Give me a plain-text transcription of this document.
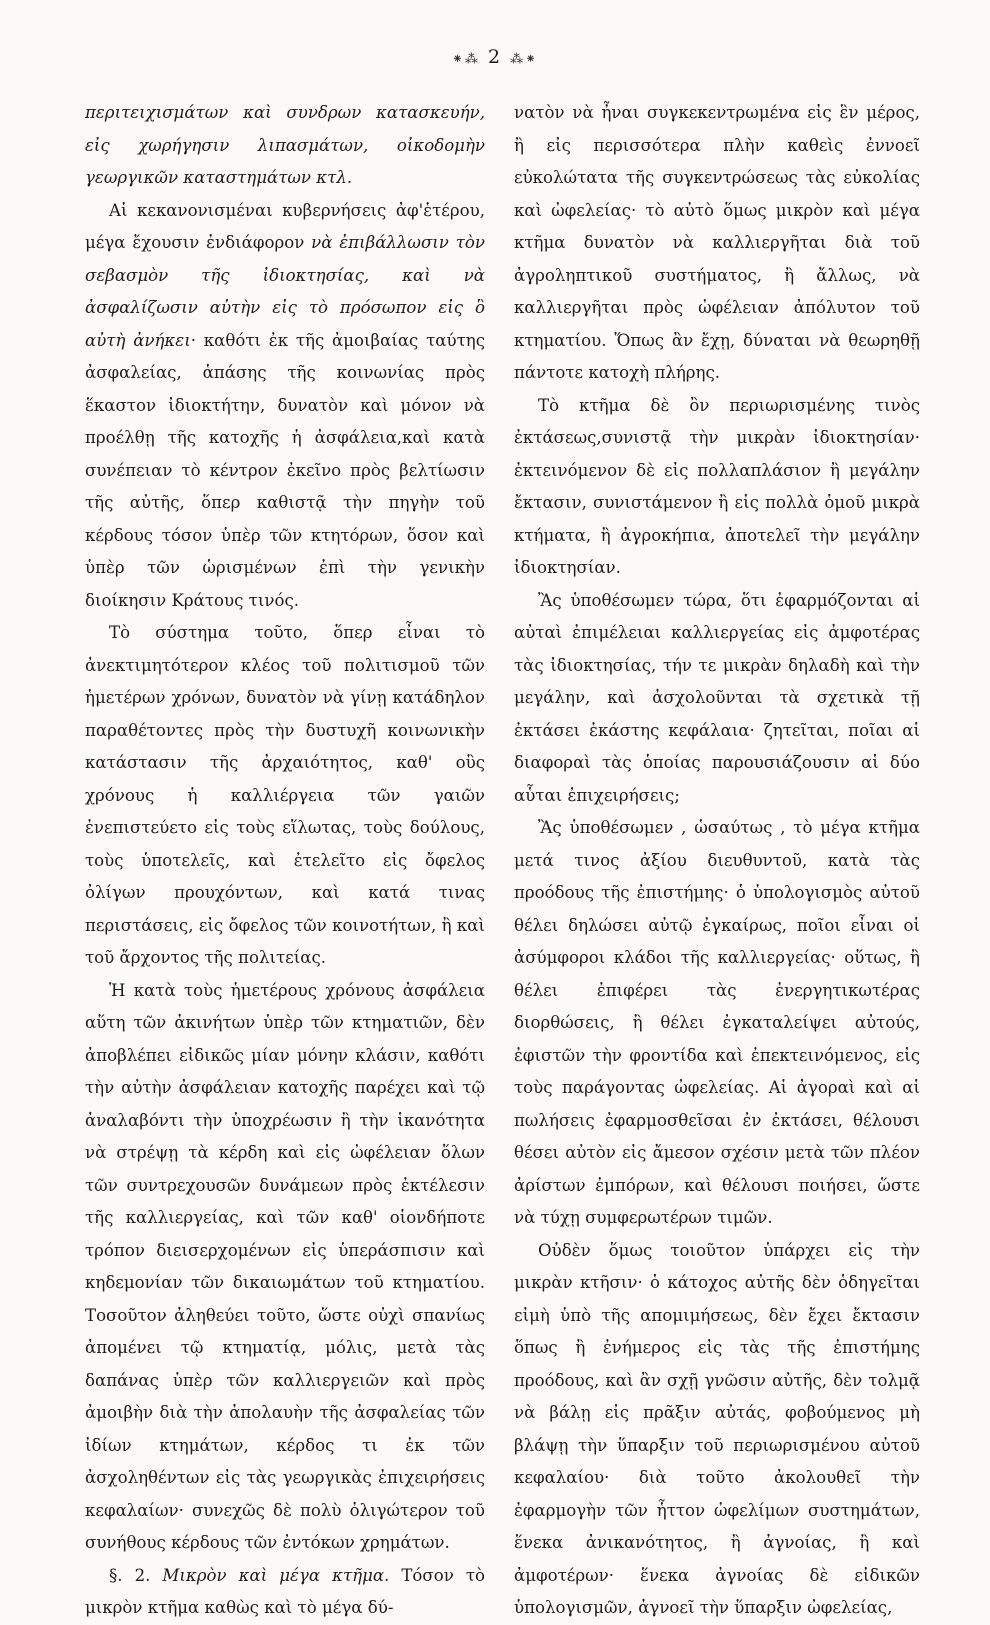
⁕⁂ 2 ⁂⁕

περιτειχισμάτων καὶ συνδρων κατασκευήν, εἰς χωρήγησιν λιπασμάτων, οἰκοδομὴν γεωργικῶν καταστημάτων κτλ.

Αἱ κεκανονισμέναι κυβερνήσεις ἀφ'ἑτέρου, μέγα ἔχουσιν ἐνδιάφορον νὰ ἐπιβάλλωσιν τὸν σεβασμὸν τῆς ἰδιοκτησίας, καὶ νὰ ἀσφαλίζωσιν αὐτὴν εἰς τὸ πρόσωπον εἰς ὃ αὐτὴ ἀνήκει· καθότι ἐκ τῆς ἀμοιβαίας ταύτης ἀσφαλείας, ἁπάσης τῆς κοινωνίας πρὸς ἕκαστον ἰδιοκτήτην, δυνατὸν καὶ μόνον νὰ προέλθῃ τῆς κατοχῆς ἡ ἀσφάλεια,καὶ κατὰ συνέπειαν τὸ κέντρον ἐκεῖνο πρὸς βελτίωσιν τῆς αὐτῆς, ὅπερ καθιστᾷ τὴν πηγὴν τοῦ κέρδους τόσον ὑπὲρ τῶν κτητόρων, ὅσον καὶ ὑπὲρ τῶν ὡρισμένων ἐπὶ τὴν γενικὴν διοίκησιν Κράτους τινός.

Τὸ σύστημα τοῦτο, ὅπερ εἶναι τὸ ἀνεκτιμητότερον κλέος τοῦ πολιτισμοῦ τῶν ἡμετέρων χρόνων, δυνατὸν νὰ γίνῃ κατάδηλον παραθέτοντες πρὸς τὴν δυστυχῆ κοινωνικὴν κατάστασιν τῆς ἀρχαιότητος, καθ' οὓς χρόνους ἡ καλλιέργεια τῶν γαιῶν ἐνεπιστεύετο εἰς τοὺς εἵλωτας, τοὺς δούλους, τοὺς ὑποτελεῖς, καὶ ἐτελεῖτο εἰς ὄφελος ὀλίγων προυχόντων, καὶ κατά τινας περιστάσεις, εἰς ὄφελος τῶν κοινοτήτων, ἢ καὶ τοῦ ἄρχοντος τῆς πολιτείας.

Ἡ κατὰ τοὺς ἡμετέρους χρόνους ἀσφάλεια αὕτη τῶν ἀκινήτων ὑπὲρ τῶν κτηματιῶν, δὲν ἀποβλέπει εἰδικῶς μίαν μόνην κλάσιν, καθότι τὴν αὐτὴν ἀσφάλειαν κατοχῆς παρέχει καὶ τῷ ἀναλαβόντι τὴν ὑποχρέωσιν ἢ τὴν ἱκανότητα νὰ στρέψῃ τὰ κέρδη καὶ εἰς ὠφέλειαν ὅλων τῶν συντρεχουσῶν δυνάμεων πρὸς ἐκτέλεσιν τῆς καλλιεργείας, καὶ τῶν καθ' οἱονδήποτε τρόπον διεισερχομένων εἰς ὑπεράσπισιν καὶ κηδεμονίαν τῶν δικαιωμάτων τοῦ κτηματίου. Τοσοῦτον ἀληθεύει τοῦτο, ὥστε οὐχὶ σπανίως ἀπομένει τῷ κτηματίᾳ, μόλις, μετὰ τὰς δαπάνας ὑπὲρ τῶν καλλιεργειῶν καὶ πρὸς ἀμοιβὴν διὰ τὴν ἀπολαυὴν τῆς ἀσφαλείας τῶν ἰδίων κτημάτων, κέρδος τι ἐκ τῶν ἀσχοληθέντων εἰς τὰς γεωργικὰς ἐπιχειρήσεις κεφαλαίων· συνεχῶς δὲ πολὺ ὀλιγώτερον τοῦ συνήθους κέρδους τῶν ἐντόκων χρημάτων.

§. 2. Μικρὸν καὶ μέγα κτῆμα. Τόσον τὸ μικρὸν κτῆμα καθὼς καὶ τὸ μέγα δύ-

νατὸν νὰ ἦναι συγκεκεντρωμένα εἰς ἓν μέρος, ἢ εἰς περισσότερα πλὴν καθεὶς ἐννοεῖ εὐκολώτατα τῆς συγκεντρώσεως τὰς εὐκολίας καὶ ὠφελείας· τὸ αὐτὸ ὅμως μικρὸν καὶ μέγα κτῆμα δυνατὸν νὰ καλλιεργῆται διὰ τοῦ ἀγροληπτικοῦ συστήματος, ἢ ἄλλως, νὰ καλλιεργῆται πρὸς ὠφέλειαν ἀπόλυτον τοῦ κτηματίου. Ὅπως ἂν ἔχῃ, δύναται νὰ θεωρηθῇ πάντοτε κατοχὴ πλήρης.

Τὸ κτῆμα δὲ ὂν περιωρισμένης τινὸς ἐκτάσεως,συνιστᾷ τὴν μικρὰν ἰδιοκτησίαν· ἐκτεινόμενον δὲ εἰς πολλαπλάσιον ἢ μεγάλην ἔκτασιν, συνιστάμενον ἢ εἰς πολλὰ ὁμοῦ μικρὰ κτήματα, ἢ ἀγροκήπια, ἀποτελεῖ τὴν μεγάλην ἰδιοκτησίαν.

Ἂς ὑποθέσωμεν τώρα, ὅτι ἐφαρμόζονται αἱ αὐταὶ ἐπιμέλειαι καλλιεργείας εἰς ἀμφοτέρας τὰς ἰδιοκτησίας, τήν τε μικρὰν δηλαδὴ καὶ τὴν μεγάλην, καὶ ἀσχολοῦνται τὰ σχετικὰ τῇ ἐκτάσει ἑκάστης κεφάλαια· ζητεῖται, ποῖαι αἱ διαφοραὶ τὰς ὁποίας παρουσιάζουσιν αἱ δύο αὗται ἐπιχειρήσεις;

Ἂς ὑποθέσωμεν , ὡσαύτως , τὸ μέγα κτῆμα μετά τινος ἀξίου διευθυντοῦ, κατὰ τὰς προόδους τῆς ἐπιστήμης· ὁ ὑπολογισμὸς αὐτοῦ θέλει δηλώσει αὐτῷ ἐγκαίρως, ποῖοι εἶναι οἱ ἀσύμφοροι κλάδοι τῆς καλλιεργείας· οὕτως, ἢ θέλει ἐπιφέρει τὰς ἐνεργητικωτέρας διορθώσεις, ἢ θέλει ἐγκαταλείψει αὐτούς, ἐφιστῶν τὴν φροντίδα καὶ ἐπεκτεινόμενος, εἰς τοὺς παράγοντας ὠφελείας. Αἱ ἀγοραὶ καὶ αἱ πωλήσεις ἐφαρμοσθεῖσαι ἐν ἐκτάσει, θέλουσι θέσει αὐτὸν εἰς ἄμεσον σχέσιν μετὰ τῶν πλέον ἀρίστων ἐμπόρων, καὶ θέλουσι ποιήσει, ὥστε νὰ τύχῃ συμφερωτέρων τιμῶν.

Οὐδὲν ὅμως τοιοῦτον ὑπάρχει εἰς τὴν μικρὰν κτῆσιν· ὁ κάτοχος αὐτῆς δὲν ὁδηγεῖται εἰμὴ ὑπὸ τῆς απομιμήσεως, δὲν ἔχει ἔκτασιν ὅπως ἢ ἐνήμερος εἰς τὰς τῆς ἐπιστήμης προόδους, καὶ ἂν σχῇ γνῶσιν αὐτῆς, δὲν τολμᾷ νὰ βάλῃ εἰς πρᾶξιν αὐτάς, φοβούμενος μὴ βλάψῃ τὴν ὕπαρξιν τοῦ περιωρισμένου αὐτοῦ κεφαλαίου· διὰ τοῦτο ἀκολουθεῖ τὴν ἐφαρμογὴν τῶν ἧττον ὠφελίμων συστημάτων, ἕνεκα ἀνικανότητος, ἢ ἀγνοίας, ἢ καὶ ἀμφοτέρων· ἕνεκα ἀγνοίας δὲ εἰδικῶν ὑπολογισμῶν, ἀγνοεῖ τὴν ὕπαρξιν ὠφελείας,
